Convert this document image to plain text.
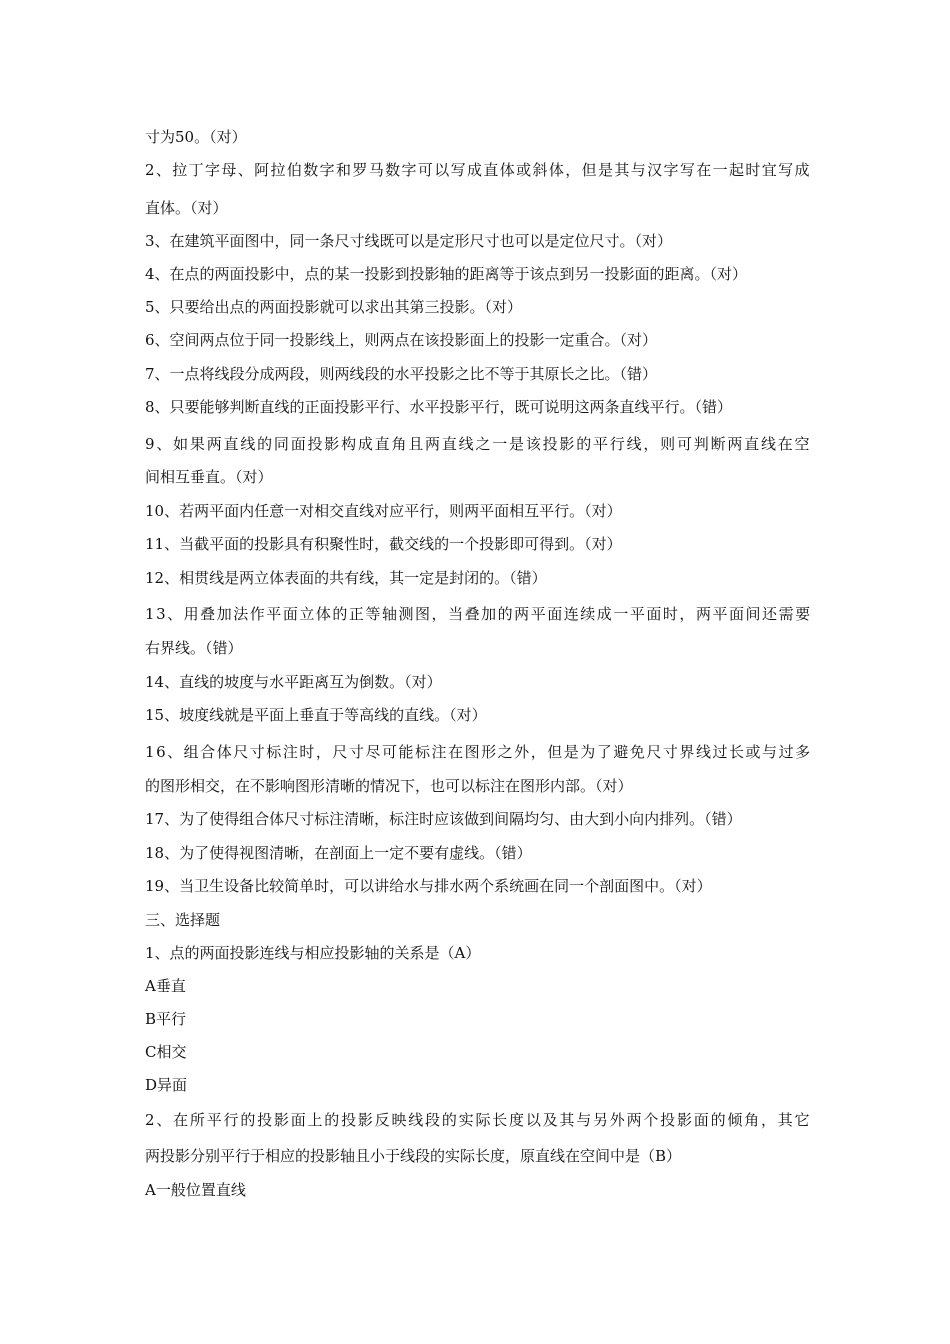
寸为50。（对）
2、拉丁字母、阿拉伯数字和罗马数字可以写成直体或斜体，但是其与汉字写在一起时宜写成
直体。（对）
3、在建筑平面图中，同一条尺寸线既可以是定形尺寸也可以是定位尺寸。（对）
4、在点的两面投影中，点的某一投影到投影轴的距离等于该点到另一投影面的距离。（对）
5、只要给出点的两面投影就可以求出其第三投影。（对）
6、空间两点位于同一投影线上，则两点在该投影面上的投影一定重合。（对）
7、一点将线段分成两段，则两线段的水平投影之比不等于其原长之比。（错）
8、只要能够判断直线的正面投影平行、水平投影平行，既可说明这两条直线平行。（错）
9、如果两直线的同面投影构成直角且两直线之一是该投影的平行线，则可判断两直线在空
间相互垂直。（对）
10、若两平面内任意一对相交直线对应平行，则两平面相互平行。（对）
11、当截平面的投影具有积聚性时，截交线的一个投影即可得到。（对）
12、相贯线是两立体表面的共有线，其一定是封闭的。（错）
13、用叠加法作平面立体的正等轴测图，当叠加的两平面连续成一平面时，两平面间还需要
右界线。（错）
14、直线的坡度与水平距离互为倒数。（对）
15、坡度线就是平面上垂直于等高线的直线。（对）
16、组合体尺寸标注时，尺寸尽可能标注在图形之外，但是为了避免尺寸界线过长或与过多
的图形相交，在不影响图形清晰的情况下，也可以标注在图形内部。（对）
17、为了使得组合体尺寸标注清晰，标注时应该做到间隔均匀、由大到小向内排列。（错）
18、为了使得视图清晰，在剖面上一定不要有虚线。（错）
19、当卫生设备比较简单时，可以讲给水与排水两个系统画在同一个剖面图中。（对）
三、选择题
1、点的两面投影连线与相应投影轴的关系是（A）
A垂直
B平行
C相交
D异面
2、在所平行的投影面上的投影反映线段的实际长度以及其与另外两个投影面的倾角，其它
两投影分别平行于相应的投影轴且小于线段的实际长度，原直线在空间中是（B）
A一般位置直线
